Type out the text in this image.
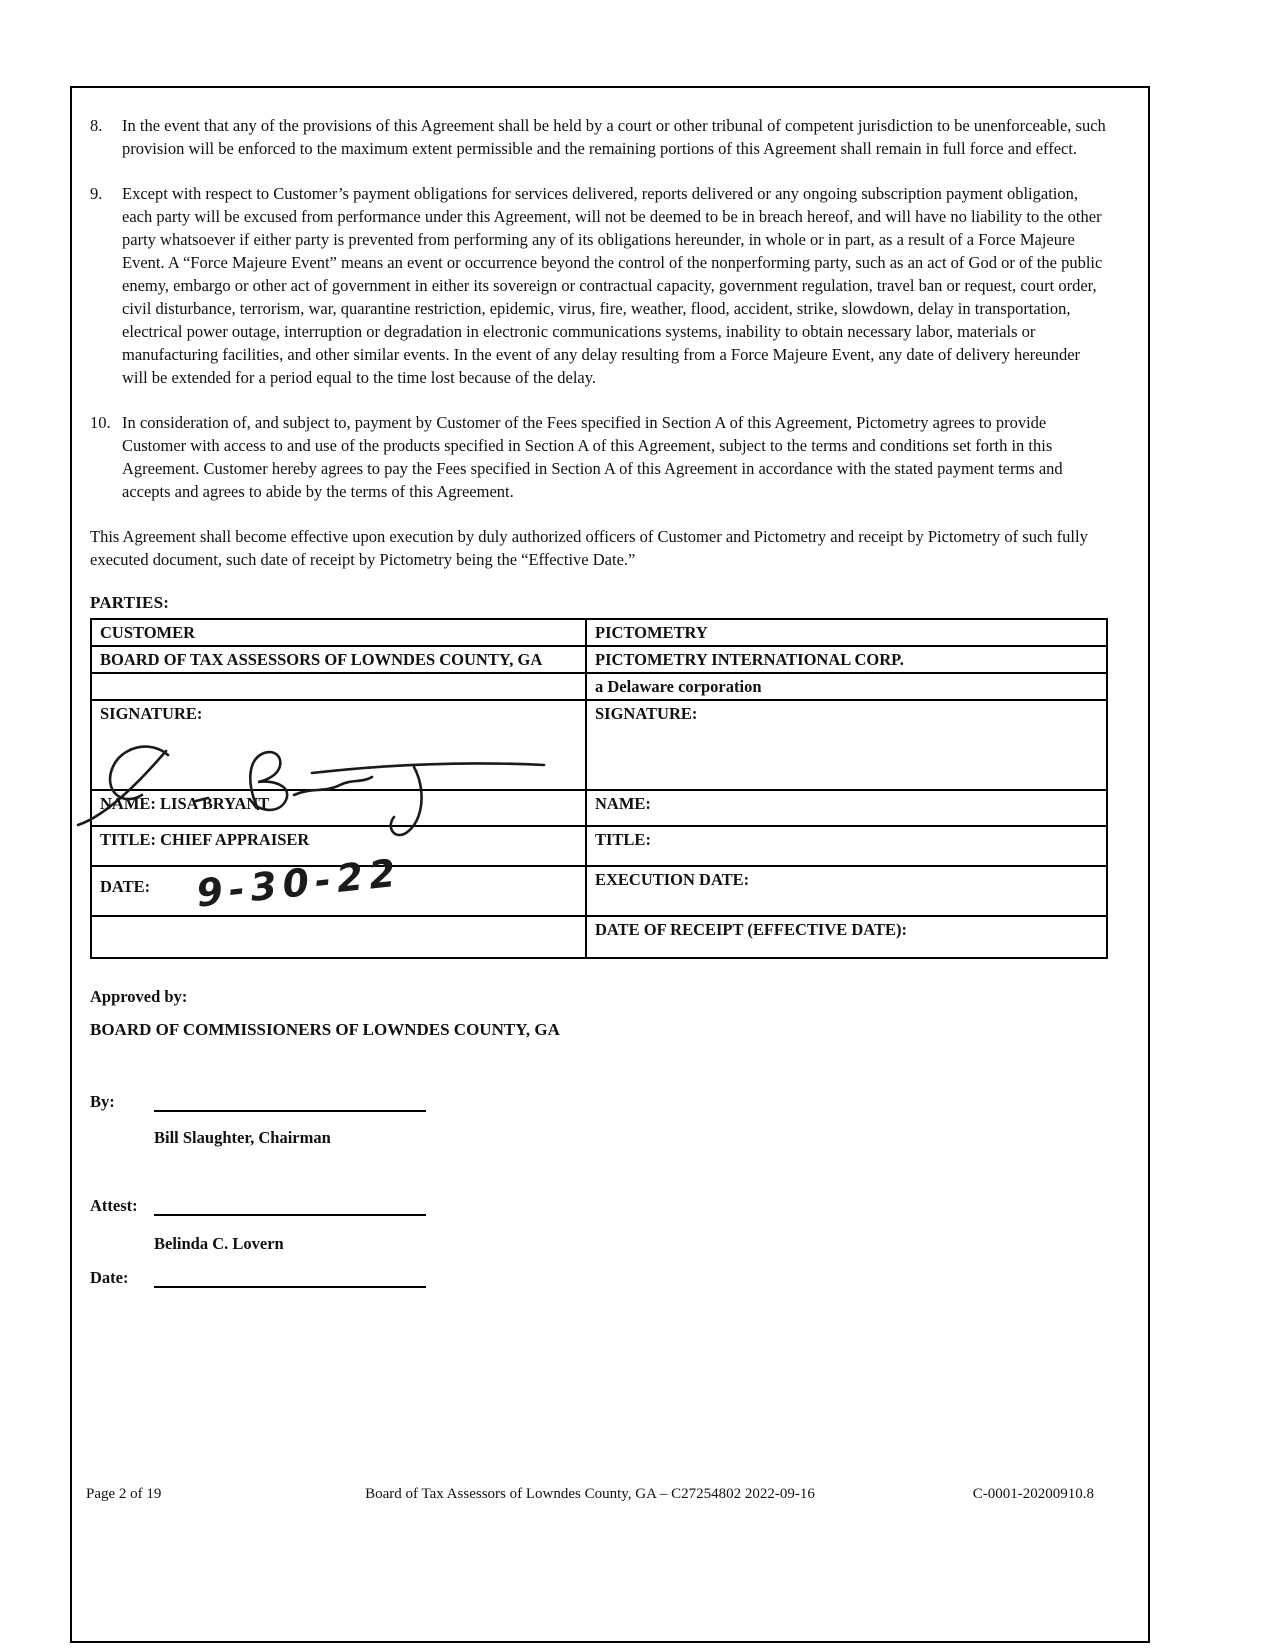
8.	In the event that any of the provisions of this Agreement shall be held by a court or other tribunal of competent jurisdiction to be unenforceable, such provision will be enforced to the maximum extent permissible and the remaining portions of this Agreement shall remain in full force and effect.
9.	Except with respect to Customer’s payment obligations for services delivered, reports delivered or any ongoing subscription payment obligation, each party will be excused from performance under this Agreement, will not be deemed to be in breach hereof, and will have no liability to the other party whatsoever if either party is prevented from performing any of its obligations hereunder, in whole or in part, as a result of a Force Majeure Event. A “Force Majeure Event” means an event or occurrence beyond the control of the nonperforming party, such as an act of God or of the public enemy, embargo or other act of government in either its sovereign or contractual capacity, government regulation, travel ban or request, court order, civil disturbance, terrorism, war, quarantine restriction, epidemic, virus, fire, weather, flood, accident, strike, slowdown, delay in transportation, electrical power outage, interruption or degradation in electronic communications systems, inability to obtain necessary labor, materials or manufacturing facilities, and other similar events. In the event of any delay resulting from a Force Majeure Event, any date of delivery hereunder will be extended for a period equal to the time lost because of the delay.
10. In consideration of, and subject to, payment by Customer of the Fees specified in Section A of this Agreement, Pictometry agrees to provide Customer with access to and use of the products specified in Section A of this Agreement, subject to the terms and conditions set forth in this Agreement. Customer hereby agrees to pay the Fees specified in Section A of this Agreement in accordance with the stated payment terms and accepts and agrees to abide by the terms of this Agreement.

This Agreement shall become effective upon execution by duly authorized officers of Customer and Pictometry and receipt by Pictometry of such fully executed document, such date of receipt by Pictometry being the “Effective Date.”

PARTIES:
CUSTOMER	PICTOMETRY
BOARD OF TAX ASSESSORS OF LOWNDES COUNTY, GA	PICTOMETRY INTERNATIONAL CORP.
	a Delaware corporation
SIGNATURE:	SIGNATURE:
NAME: LISA BRYANT	NAME:
TITLE: CHIEF APPRAISER	TITLE:
DATE: 9-30-22	EXECUTION DATE:
	DATE OF RECEIPT (EFFECTIVE DATE):
Approved by:
BOARD OF COMMISSIONERS OF LOWNDES COUNTY, GA
By:
Bill Slaughter, Chairman
Attest:
Belinda C. Lovern
Date:
Page 2 of 19	Board of Tax Assessors of Lowndes County, GA – C27254802 2022-09-16	C-0001-20200910.8
